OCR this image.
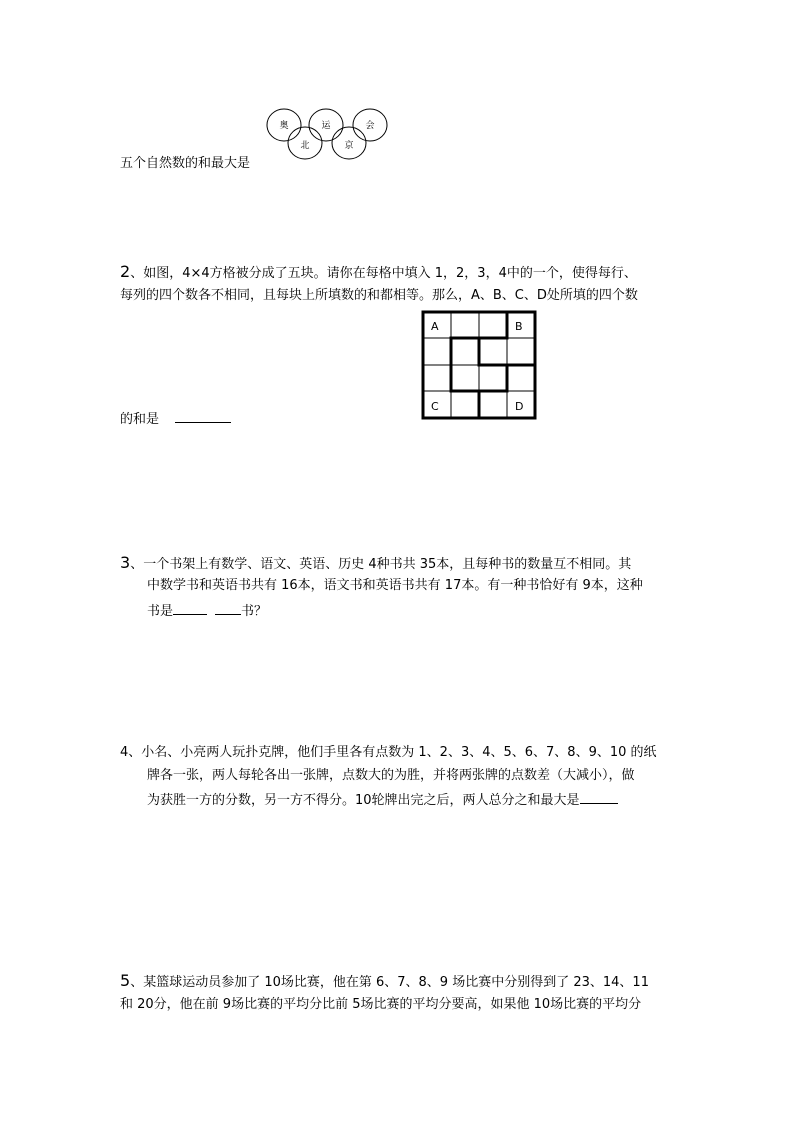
奥	运	会
北	京
五个自然数的和最大是
2、如图，4×4方格被分成了五块。请你在每格中填入 1，2，3，4中的一个，使得每行、
每列的四个数各不相同，且每块上所填数的和都相等。那么，A、B、C、D处所填的四个数
A	B
C	D
的和是
3、一个书架上有数学、语文、英语、历史 4种书共 35本，且每种书的数量互不相同。其
中数学书和英语书共有 16本，语文书和英语书共有 17本。有一种书恰好有 9本，这种
书是	书？
4、小名、小亮两人玩扑克牌，他们手里各有点数为 1、2、3、4、5、6、7、8、9、10 的纸
牌各一张，两人每轮各出一张牌，点数大的为胜，并将两张牌的点数差（大减小），做
为获胜一方的分数，另一方不得分。10轮牌出完之后，两人总分之和最大是
5、某篮球运动员参加了 10场比赛，他在第 6、7、8、9 场比赛中分别得到了 23、14、11
和 20分，他在前 9场比赛的平均分比前 5场比赛的平均分要高，如果他 10场比赛的平均分
